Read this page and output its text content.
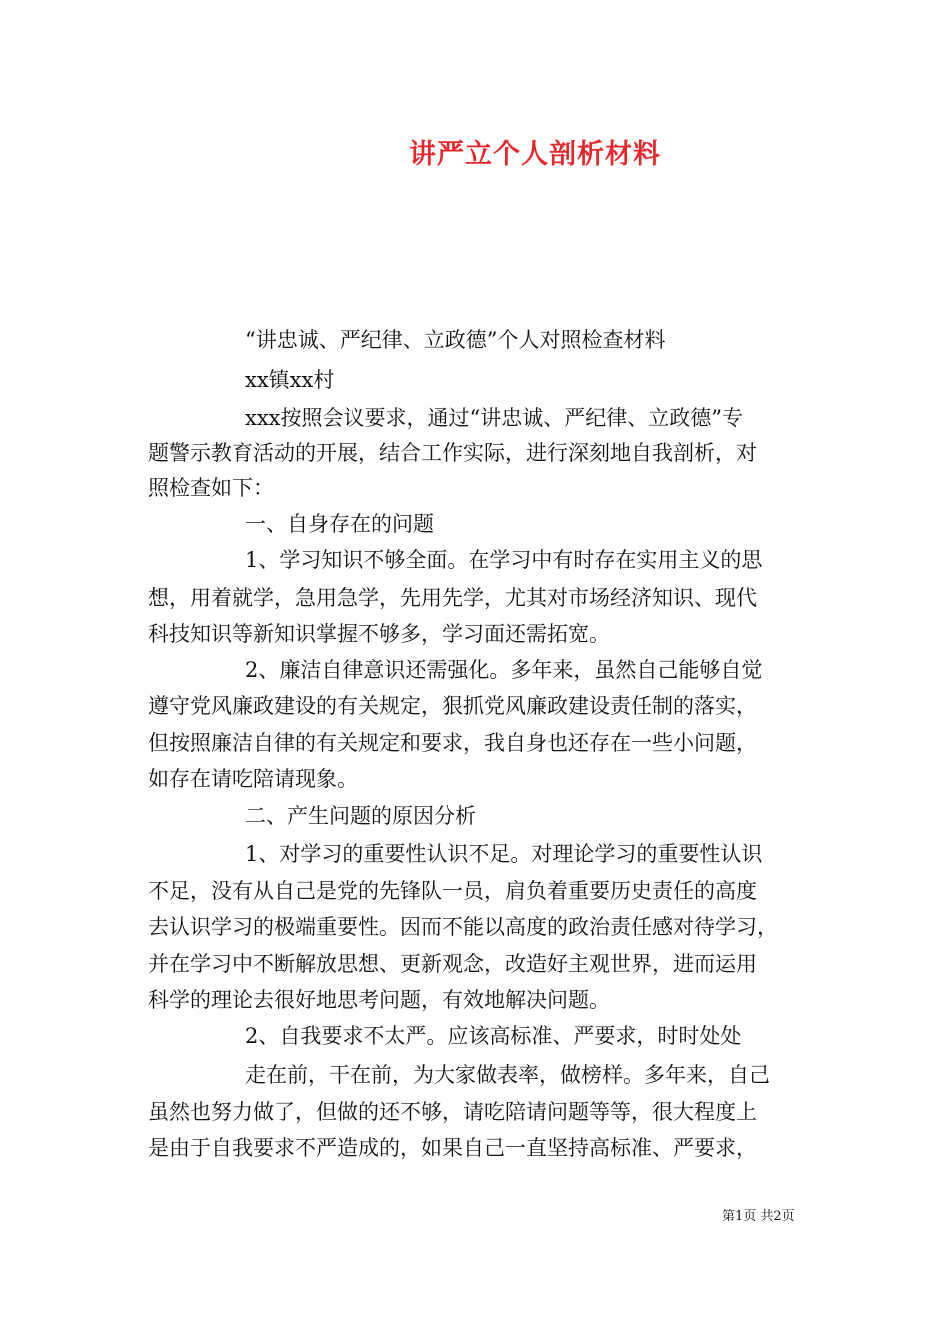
讲严立个人剖析材料
“讲忠诚、严纪律、立政德”个人对照检查材料
xx镇xx村
xxx按照会议要求，通过“讲忠诚、严纪律、立政德”专
题警示教育活动的开展，结合工作实际，进行深刻地自我剖析，对
照检查如下：
一、自身存在的问题
1、学习知识不够全面。在学习中有时存在实用主义的思
想，用着就学，急用急学，先用先学，尤其对市场经济知识、现代
科技知识等新知识掌握不够多，学习面还需拓宽。
2、廉洁自律意识还需强化。多年来，虽然自己能够自觉
遵守党风廉政建设的有关规定，狠抓党风廉政建设责任制的落实，
但按照廉洁自律的有关规定和要求，我自身也还存在一些小问题，
如存在请吃陪请现象。
二、产生问题的原因分析
1、对学习的重要性认识不足。对理论学习的重要性认识
不足，没有从自己是党的先锋队一员，肩负着重要历史责任的高度
去认识学习的极端重要性。因而不能以高度的政治责任感对待学习，
并在学习中不断解放思想、更新观念，改造好主观世界，进而运用
科学的理论去很好地思考问题，有效地解决问题。
2、自我要求不太严。应该高标准、严要求，时时处处
走在前，干在前，为大家做表率，做榜样。多年来，自己
虽然也努力做了，但做的还不够，请吃陪请问题等等，很大程度上
是由于自我要求不严造成的，如果自己一直坚持高标准、严要求，
第1页 共2页
